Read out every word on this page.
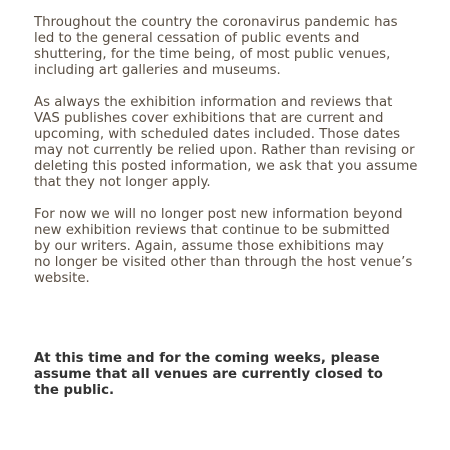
Throughout the country the coronavirus pandemic has
led to the general cessation of public events and
shuttering, for the time being, of most public venues,
including art galleries and museums.

As always the exhibition information and reviews that
VAS publishes cover exhibitions that are current and
upcoming, with scheduled dates included. Those dates
may not currently be relied upon. Rather than revising or
deleting this posted information, we ask that you assume
that they not longer apply.

For now we will no longer post new information beyond
new exhibition reviews that continue to be submitted
by our writers. Again, assume those exhibitions may
no longer be visited other than through the host venue’s
website.

At this time and for the coming weeks, please
assume that all venues are currently closed to
the public.
